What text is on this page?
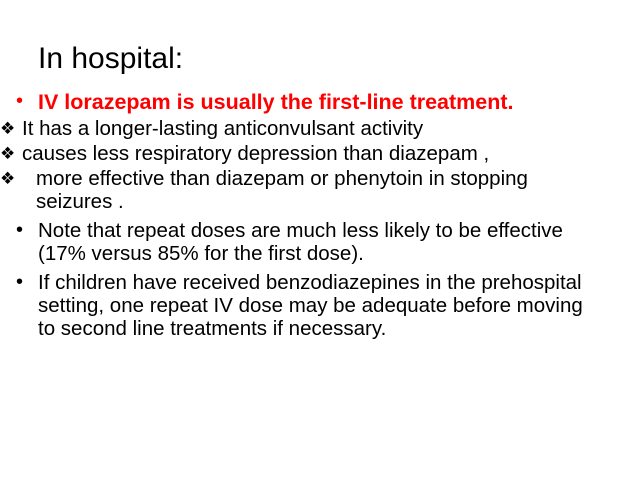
In hospital:
• IV lorazepam is usually the first-line treatment.
❖ It has a longer-lasting anticonvulsant activity
❖ causes less respiratory depression than diazepam ,
❖	more effective than diazepam or phenytoin in stopping seizures .
• Note that repeat doses are much less likely to be effective (17% versus 85% for the first dose).
• If children have received benzodiazepines in the prehospital setting, one repeat IV dose may be adequate before moving to second line treatments if necessary.
